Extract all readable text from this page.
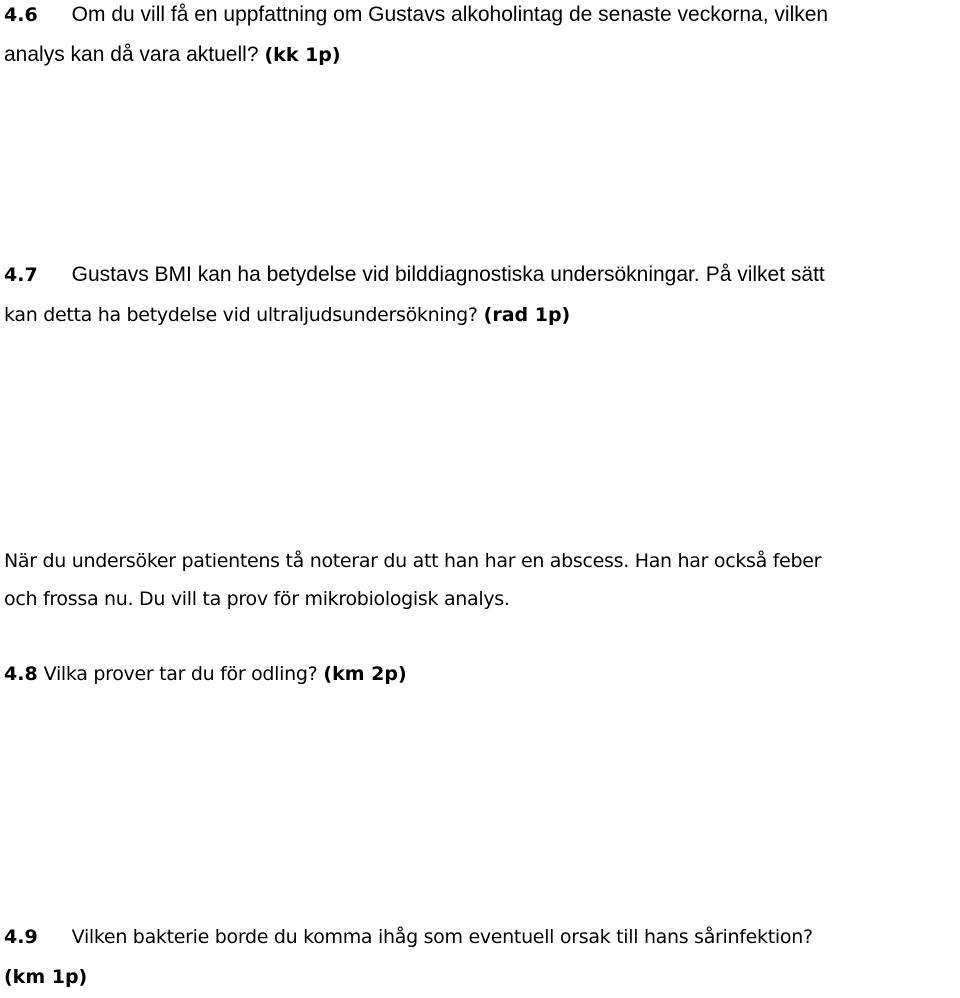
4.6 Om du vill få en uppfattning om Gustavs alkoholintag de senaste veckorna, vilken
analys kan då vara aktuell? (kk 1p)
4.7 Gustavs BMI kan ha betydelse vid bilddiagnostiska undersökningar. På vilket sätt
kan detta ha betydelse vid ultraljudsundersökning? (rad 1p)
När du undersöker patientens tå noterar du att han har en abscess. Han har också feber
och frossa nu. Du vill ta prov för mikrobiologisk analys.
4.8 Vilka prover tar du för odling? (km 2p)
4.9 Vilken bakterie borde du komma ihåg som eventuell orsak till hans sårinfektion?
(km 1p)
